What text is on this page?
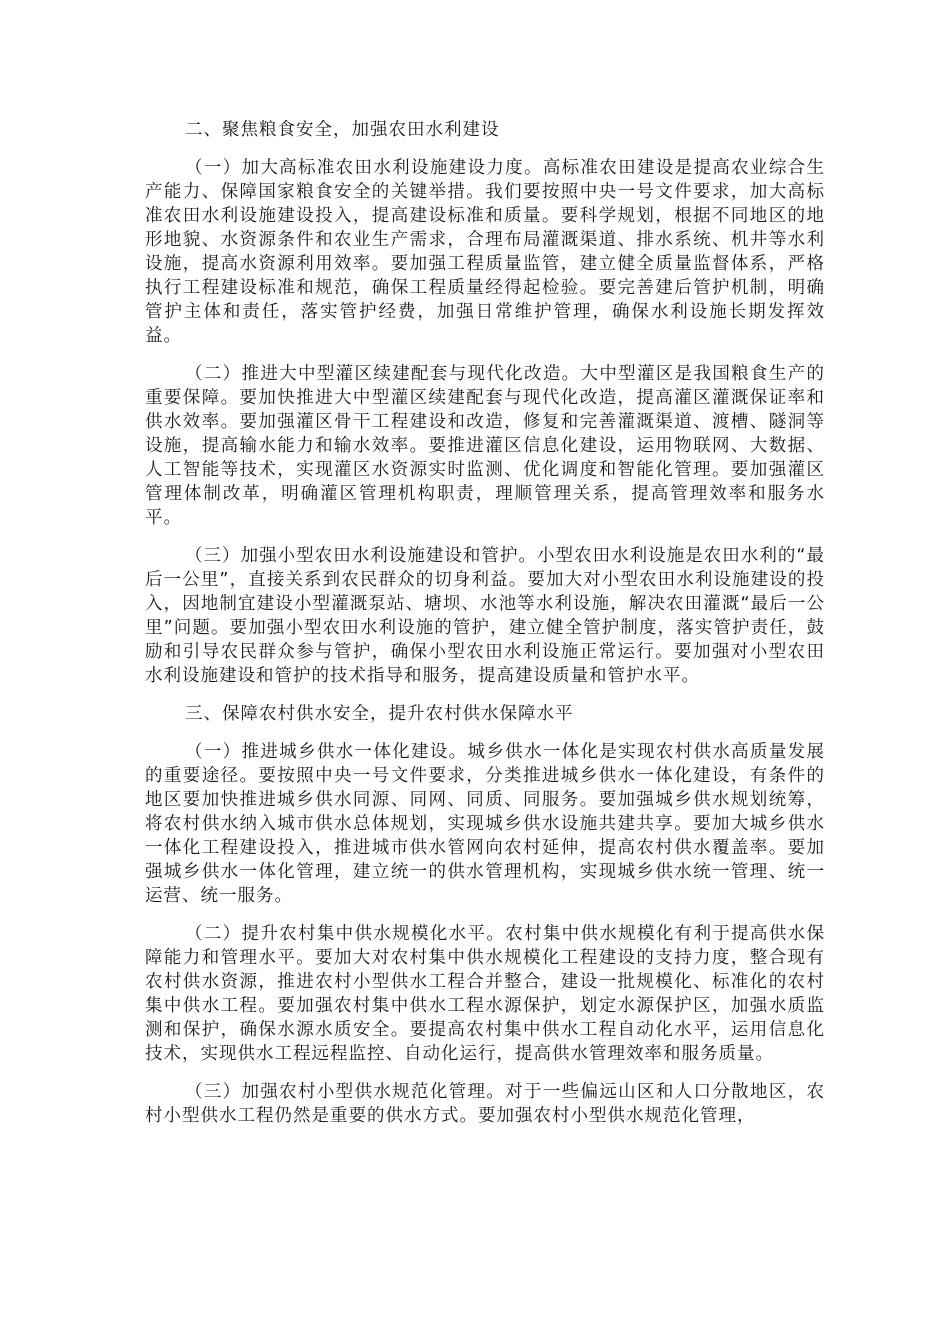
二、聚焦粮食安全，加强农田水利建设

（一）加大高标准农田水利设施建设力度。高标准农田建设是提高农业综合生产能力、保障国家粮食安全的关键举措。我们要按照中央一号文件要求，加大高标准农田水利设施建设投入，提高建设标准和质量。要科学规划，根据不同地区的地形地貌、水资源条件和农业生产需求，合理布局灌溉渠道、排水系统、机井等水利设施，提高水资源利用效率。要加强工程质量监管，建立健全质量监督体系，严格执行工程建设标准和规范，确保工程质量经得起检验。要完善建后管护机制，明确管护主体和责任，落实管护经费，加强日常维护管理，确保水利设施长期发挥效益。

（二）推进大中型灌区续建配套与现代化改造。大中型灌区是我国粮食生产的重要保障。要加快推进大中型灌区续建配套与现代化改造，提高灌区灌溉保证率和供水效率。要加强灌区骨干工程建设和改造，修复和完善灌溉渠道、渡槽、隧洞等设施，提高输水能力和输水效率。要推进灌区信息化建设，运用物联网、大数据、人工智能等技术，实现灌区水资源实时监测、优化调度和智能化管理。要加强灌区管理体制改革，明确灌区管理机构职责，理顺管理关系，提高管理效率和服务水平。

（三）加强小型农田水利设施建设和管护。小型农田水利设施是农田水利的“最后一公里”，直接关系到农民群众的切身利益。要加大对小型农田水利设施建设的投入，因地制宜建设小型灌溉泵站、塘坝、水池等水利设施，解决农田灌溉“最后一公里”问题。要加强小型农田水利设施的管护，建立健全管护制度，落实管护责任，鼓励和引导农民群众参与管护，确保小型农田水利设施正常运行。要加强对小型农田水利设施建设和管护的技术指导和服务，提高建设质量和管护水平。

三、保障农村供水安全，提升农村供水保障水平

（一）推进城乡供水一体化建设。城乡供水一体化是实现农村供水高质量发展的重要途径。要按照中央一号文件要求，分类推进城乡供水一体化建设，有条件的地区要加快推进城乡供水同源、同网、同质、同服务。要加强城乡供水规划统筹，将农村供水纳入城市供水总体规划，实现城乡供水设施共建共享。要加大城乡供水一体化工程建设投入，推进城市供水管网向农村延伸，提高农村供水覆盖率。要加强城乡供水一体化管理，建立统一的供水管理机构，实现城乡供水统一管理、统一运营、统一服务。

（二）提升农村集中供水规模化水平。农村集中供水规模化有利于提高供水保障能力和管理水平。要加大对农村集中供水规模化工程建设的支持力度，整合现有农村供水资源，推进农村小型供水工程合并整合，建设一批规模化、标准化的农村集中供水工程。要加强农村集中供水工程水源保护，划定水源保护区，加强水质监测和保护，确保水源水质安全。要提高农村集中供水工程自动化水平，运用信息化技术，实现供水工程远程监控、自动化运行，提高供水管理效率和服务质量。

（三）加强农村小型供水规范化管理。对于一些偏远山区和人口分散地区，农村小型供水工程仍然是重要的供水方式。要加强农村小型供水规范化管理，
